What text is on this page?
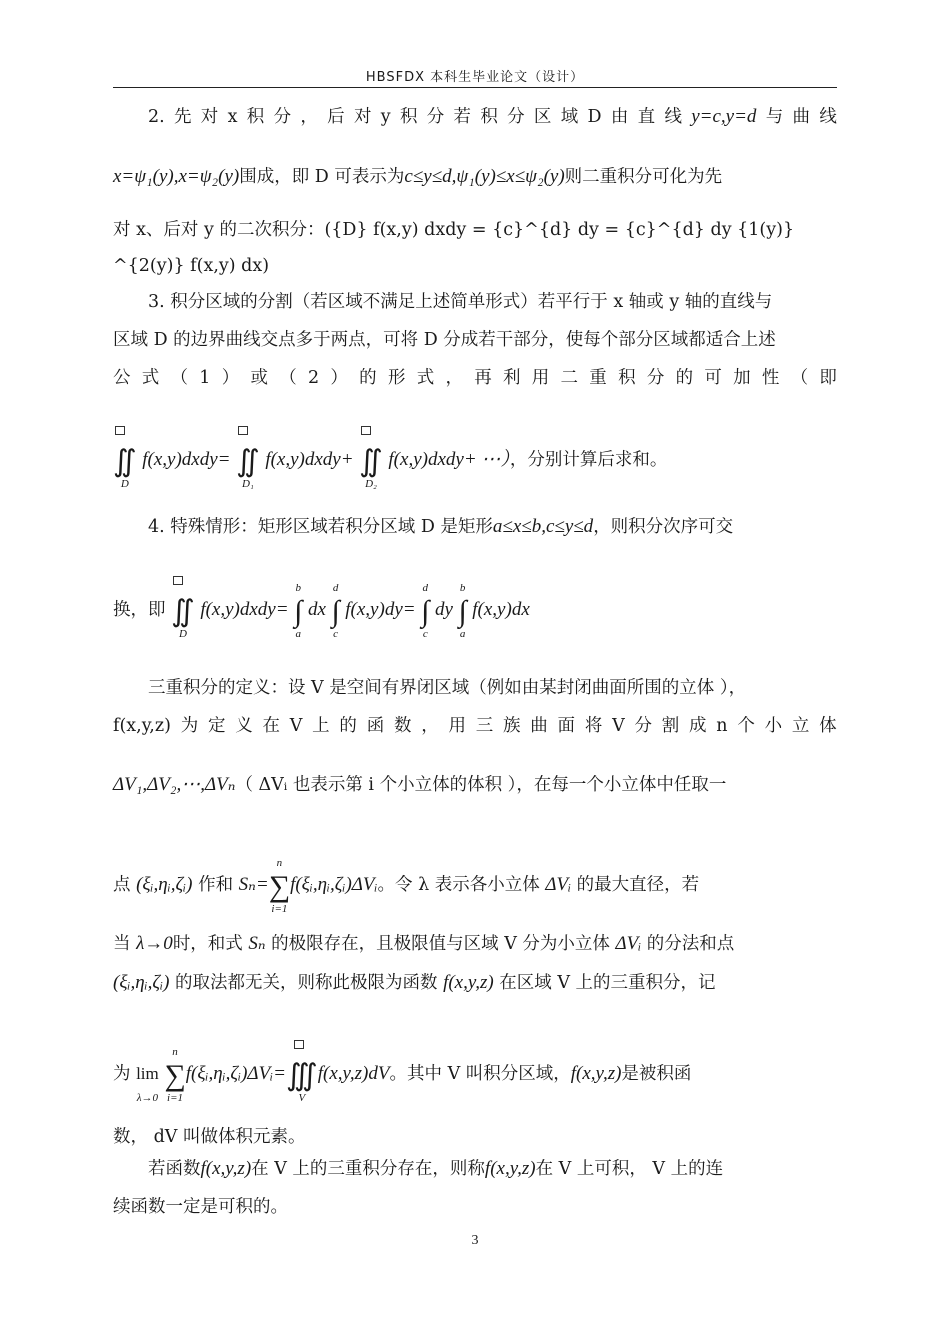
HBSFDX 本科生毕业论文（设计）
2. 先 对 x 积 分 ， 后 对 y 积 分 若 积 分 区 域 D 由 直 线 y=c,y=d 与 曲 线
x=ψ₁(y),x=ψ₂(y)围成，即 D 可表示为c≤y≤d,ψ₁(y)≤x≤ψ₂(y)则二重积分可化为先
对 x、后对 y 的二次积分：({D} f(x,y) dxdy = {c}^{d} dy = {c}^{d} dy {1(y)}
^{2(y)} f(x,y) dx)
3. 积分区域的分割（若区域不满足上述简单形式）若平行于 x 轴或 y 轴的直线与
区域 D 的边界曲线交点多于两点，可将 D 分成若干部分，使每个部分区域都适合上述
公 式 （ 1 ） 或 （ 2 ） 的 形 式 ， 再 利 用 二 重 积 分 的 可 加 性 （ 即
∬
D
f(x,y)dxdy= ∬
D₁
f(x,y)dxdy+ ∬
D₂
f(x,y)dxdy+ ⋯），分别计算后求和。
4. 特殊情形：矩形区域若积分区域 D 是矩形a≤x≤b,c≤y≤d，则积分次序可交
换，即 ∬
D
f(x,y)dxdy=
b
∫
a
dx
d
∫
c
f(x,y)dy=
d
∫
c
dy
b
∫
a
f(x,y)dx
三重积分的定义：设 V 是空间有界闭区域（例如由某封闭曲面所围的立体 ），
f(x,y,z) 为 定 义 在 V 上 的 函 数 ， 用 三 族 曲 面 将 V 分 割 成 n 个 小 立 体
ΔV₁,ΔV₂,⋯,ΔVₙ（ ΔVᵢ 也表示第 i 个小立体的体积 ），在每一个小立体中任取一
点 (ξᵢ,ηᵢ,ζᵢ) 作和 Sₙ=
n
∑
i=1
f(ξᵢ,ηᵢ,ζᵢ)ΔVᵢ。令 λ 表示各小立体 ΔVᵢ 的最大直径，若
当 λ→0时，和式 Sₙ 的极限存在，且极限值与区域 V 分为小立体 ΔVᵢ 的分法和点
(ξᵢ,ηᵢ,ζᵢ) 的取法都无关，则称此极限为函数 f(x,y,z) 在区域 V 上的三重积分，记
为 lim
λ→0

n
∑
i=1
f(ξᵢ,ηᵢ,ζᵢ)ΔVᵢ=
∭
V
f(x,y,z)dV。其中 V 叫积分区域，f(x,y,z)是被积函
数， dV 叫做体积元素。
若函数f(x,y,z)在 V 上的三重积分存在，则称f(x,y,z)在 V 上可积， V 上的连
续函数一定是可积的。
3
